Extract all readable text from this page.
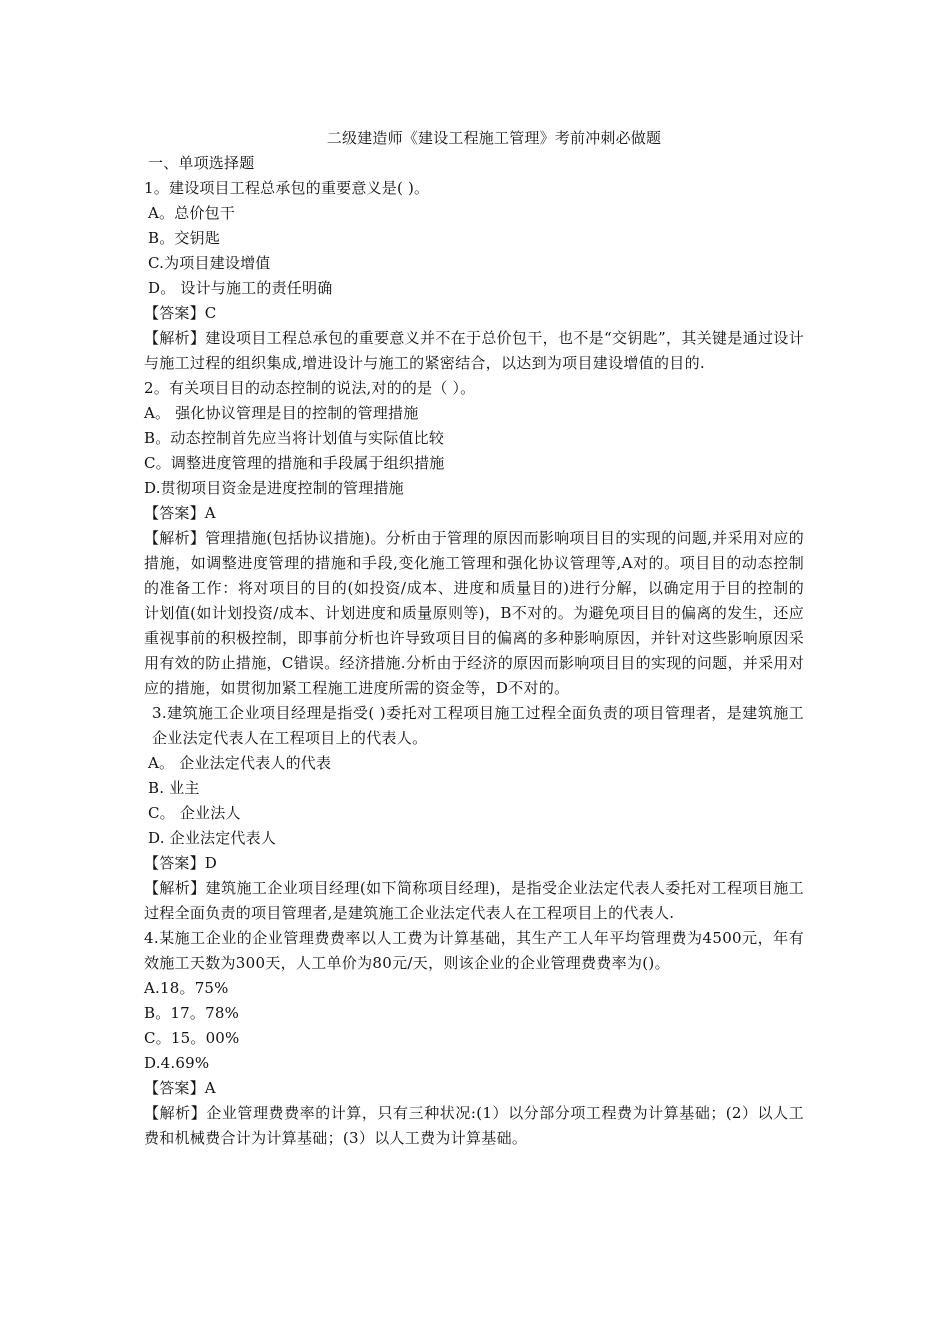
二级建造师《建设工程施工管理》考前冲刺必做题
一、单项选择题
1。建设项目工程总承包的重要意义是( )。
A。总价包干
B。交钥匙
C.为项目建设增值
D。 设计与施工的责任明确
【答案】C
【解析】建设项目工程总承包的重要意义并不在于总价包干，也不是“交钥匙”，其关键是通过设计与施工过程的组织集成,增进设计与施工的紧密结合，以达到为项目建设增值的目的.
2。有关项目目的动态控制的说法,对的的是（ ）。
A。 强化协议管理是目的控制的管理措施
B。动态控制首先应当将计划值与实际值比较
C。调整进度管理的措施和手段属于组织措施
D.贯彻项目资金是进度控制的管理措施
【答案】A
【解析】管理措施(包括协议措施)。分析由于管理的原因而影响项目目的实现的问题,并采用对应的措施，如调整进度管理的措施和手段,变化施工管理和强化协议管理等,A对的。项目目的动态控制的准备工作：将对项目的目的(如投资/成本、进度和质量目的)进行分解，以确定用于目的控制的计划值(如计划投资/成本、计划进度和质量原则等)，B不对的。为避免项目目的偏离的发生，还应重视事前的积极控制，即事前分析也许导致项目目的偏离的多种影响原因，并针对这些影响原因采用有效的防止措施，C错误。经济措施.分析由于经济的原因而影响项目目的实现的问题，并采用对应的措施，如贯彻加紧工程施工进度所需的资金等，D不对的。
3.建筑施工企业项目经理是指受( )委托对工程项目施工过程全面负责的项目管理者，是建筑施工企业法定代表人在工程项目上的代表人。
A。 企业法定代表人的代表
B. 业主
C。 企业法人
D. 企业法定代表人
【答案】D
【解析】建筑施工企业项目经理(如下简称项目经理)，是指受企业法定代表人委托对工程项目施工过程全面负责的项目管理者,是建筑施工企业法定代表人在工程项目上的代表人.
4.某施工企业的企业管理费费率以人工费为计算基础，其生产工人年平均管理费为4500元，年有效施工天数为300天，人工单价为80元/天，则该企业的企业管理费费率为()。
A.18。75%
B。17。78%
C。15。00%
D.4.69%
【答案】A
【解析】企业管理费费率的计算，只有三种状况:(1）以分部分项工程费为计算基础；(2）以人工费和机械费合计为计算基础；(3）以人工费为计算基础。
